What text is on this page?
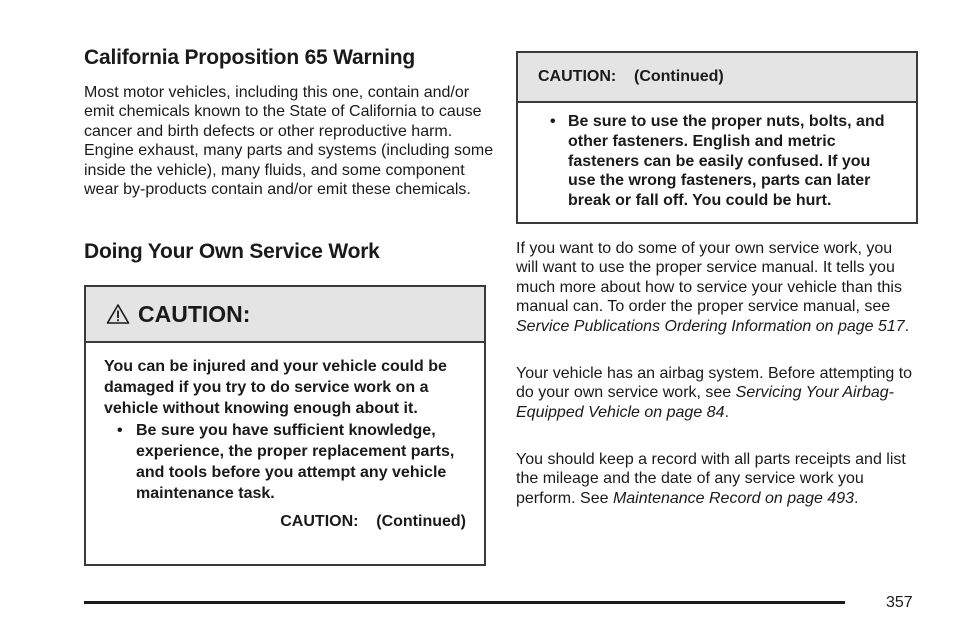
California Proposition 65 Warning

Most motor vehicles, including this one, contain and/or emit chemicals known to the State of California to cause cancer and birth defects or other reproductive harm. Engine exhaust, many parts and systems (including some inside the vehicle), many fluids, and some component wear by-products contain and/or emit these chemicals.

Doing Your Own Service Work
CAUTION:

You can be injured and your vehicle could be damaged if you try to do service work on a vehicle without knowing enough about it.

• Be sure you have sufficient knowledge, experience, the proper replacement parts, and tools before you attempt any vehicle maintenance task.
CAUTION:    (Continued)
CAUTION:    (Continued)
• Be sure to use the proper nuts, bolts, and other fasteners. English and metric fasteners can be easily confused. If you use the wrong fasteners, parts can later break or fall off. You could be hurt.

If you want to do some of your own service work, you will want to use the proper service manual. It tells you much more about how to service your vehicle than this manual can. To order the proper service manual, see Service Publications Ordering Information on page 517.

Your vehicle has an airbag system. Before attempting to do your own service work, see Servicing Your Airbag-Equipped Vehicle on page 84.

You should keep a record with all parts receipts and list the mileage and the date of any service work you perform. See Maintenance Record on page 493.

357
